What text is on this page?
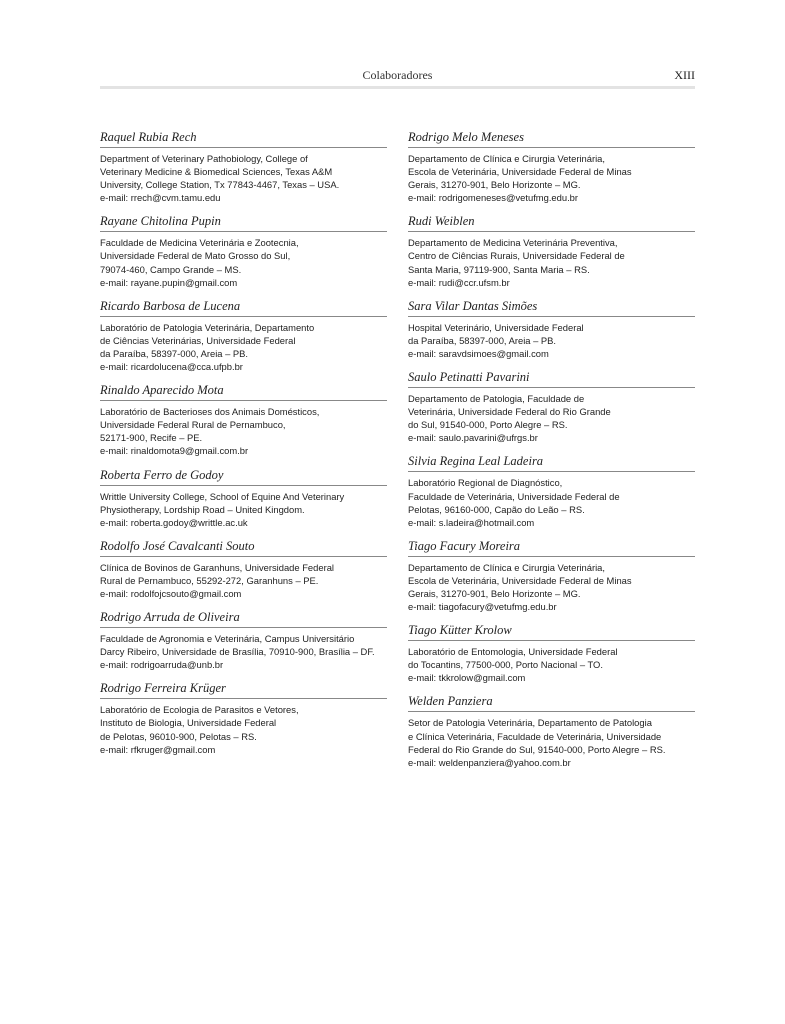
Colaboradores	XIII
Raquel Rubia Rech
Department of Veterinary Pathobiology, College of
Veterinary Medicine & Biomedical Sciences, Texas A&M
University, College Station, Tx 77843-4467, Texas – USA.
e-mail: rrech@cvm.tamu.edu
Rayane Chitolina Pupin
Faculdade de Medicina Veterinária e Zootecnia,
Universidade Federal de Mato Grosso do Sul,
79074-460, Campo Grande – MS.
e-mail: rayane.pupin@gmail.com
Ricardo Barbosa de Lucena
Laboratório de Patologia Veterinária, Departamento
de Ciências Veterinárias, Universidade Federal
da Paraíba, 58397-000, Areia – PB.
e-mail: ricardolucena@cca.ufpb.br
Rinaldo Aparecido Mota
Laboratório de Bacterioses dos Animais Domésticos,
Universidade Federal Rural de Pernambuco,
52171-900, Recife – PE.
e-mail: rinaldomota9@gmail.com.br
Roberta Ferro de Godoy
Writtle University College, School of Equine And Veterinary
Physiotherapy, Lordship Road – United Kingdom.
e-mail: roberta.godoy@writtle.ac.uk
Rodolfo José Cavalcanti Souto
Clínica de Bovinos de Garanhuns, Universidade Federal
Rural de Pernambuco, 55292-272, Garanhuns – PE.
e-mail: rodolfojcsouto@gmail.com
Rodrigo Arruda de Oliveira
Faculdade de Agronomia e Veterinária, Campus Universitário
Darcy Ribeiro, Universidade de Brasília, 70910-900, Brasília – DF.
e-mail: rodrigoarruda@unb.br
Rodrigo Ferreira Krüger
Laboratório de Ecologia de Parasitos e Vetores,
Instituto de Biologia, Universidade Federal
de Pelotas, 96010-900, Pelotas – RS.
e-mail: rfkruger@gmail.com
Rodrigo Melo Meneses
Departamento de Clínica e Cirurgia Veterinária,
Escola de Veterinária, Universidade Federal de Minas
Gerais, 31270-901, Belo Horizonte – MG.
e-mail: rodrigomeneses@vetufmg.edu.br
Rudi Weiblen
Departamento de Medicina Veterinária Preventiva,
Centro de Ciências Rurais, Universidade Federal de
Santa Maria, 97119-900, Santa Maria – RS.
e-mail: rudi@ccr.ufsm.br
Sara Vilar Dantas Simões
Hospital Veterinário, Universidade Federal
da Paraíba, 58397-000, Areia – PB.
e-mail: saravdsimoes@gmail.com
Saulo Petinatti Pavarini
Departamento de Patologia, Faculdade de
Veterinária, Universidade Federal do Rio Grande
do Sul, 91540-000, Porto Alegre – RS.
e-mail: saulo.pavarini@ufrgs.br
Silvia Regina Leal Ladeira
Laboratório Regional de Diagnóstico,
Faculdade de Veterinária, Universidade Federal de
Pelotas, 96160-000, Capão do Leão – RS.
e-mail: s.ladeira@hotmail.com
Tiago Facury Moreira
Departamento de Clínica e Cirurgia Veterinária,
Escola de Veterinária, Universidade Federal de Minas
Gerais, 31270-901, Belo Horizonte – MG.
e-mail: tiagofacury@vetufmg.edu.br
Tiago Kütter Krolow
Laboratório de Entomologia, Universidade Federal
do Tocantins, 77500-000, Porto Nacional – TO.
e-mail: tkkrolow@gmail.com
Welden Panziera
Setor de Patologia Veterinária, Departamento de Patologia
e Clínica Veterinária, Faculdade de Veterinária, Universidade
Federal do Rio Grande do Sul, 91540-000, Porto Alegre – RS.
e-mail: weldenpanziera@yahoo.com.br
